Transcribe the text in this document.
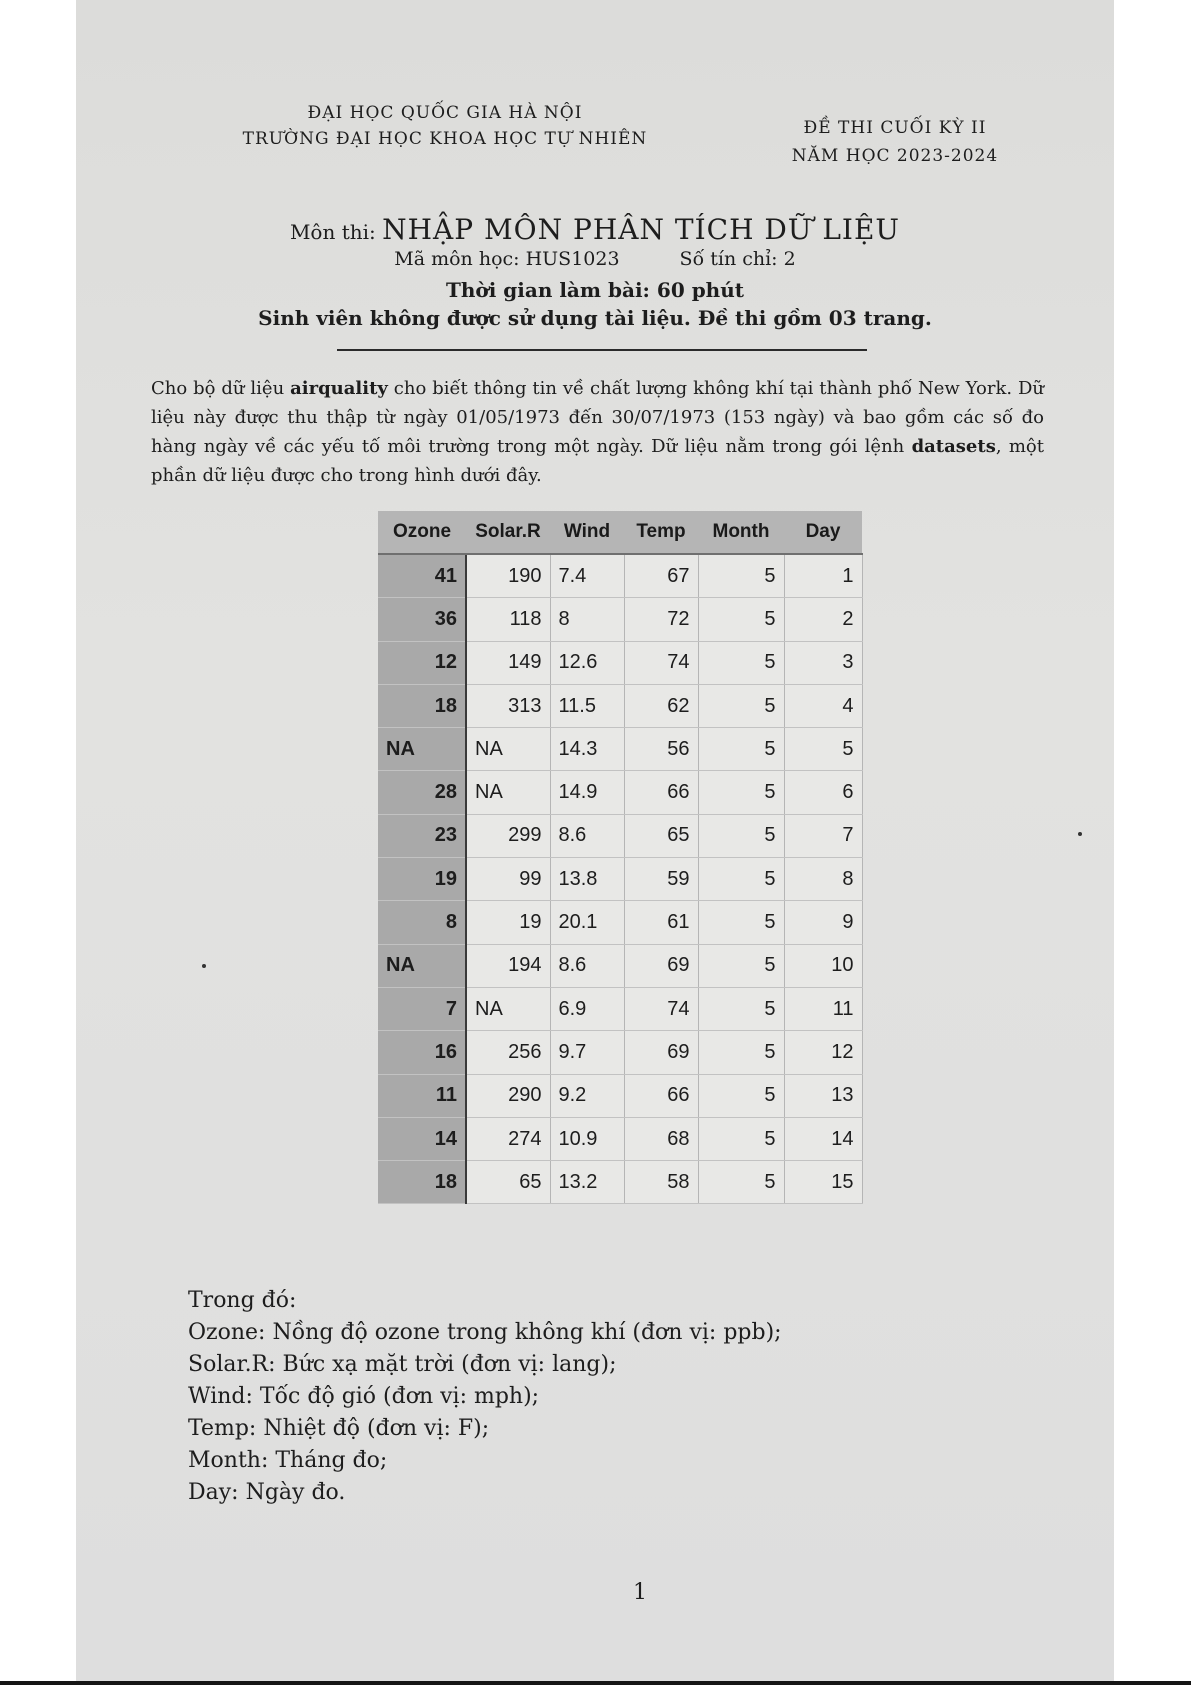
ĐẠI HỌC QUỐC GIA HÀ NỘI
TRƯỜNG ĐẠI HỌC KHOA HỌC TỰ NHIÊN
ĐỀ THI CUỐI KỲ II
NĂM HỌC 2023-2024
Môn thi: NHẬP MÔN PHÂN TÍCH DỮ LIỆU
Mã môn học: HUS1023	Số tín chỉ: 2
Thời gian làm bài: 60 phút
Sinh viên không được sử dụng tài liệu. Đề thi gồm 03 trang.
Cho bộ dữ liệu airquality cho biết thông tin về chất lượng không khí tại thành phố New York. Dữ liệu này được thu thập từ ngày 01/05/1973 đến 30/07/1973 (153 ngày) và bao gồm các số đo hàng ngày về các yếu tố môi trường trong một ngày. Dữ liệu nằm trong gói lệnh datasets, một phần dữ liệu được cho trong hình dưới đây.
Ozone	Solar.R	Wind	Temp	Month	Day
41	190	7.4	67	5	1
36	118	8	72	5	2
12	149	12.6	74	5	3
18	313	11.5	62	5	4
NA	NA	14.3	56	5	5
28	NA	14.9	66	5	6
23	299	8.6	65	5	7
19	99	13.8	59	5	8
8	19	20.1	61	5	9
NA	194	8.6	69	5	10
7	NA	6.9	74	5	11
16	256	9.7	69	5	12
11	290	9.2	66	5	13
14	274	10.9	68	5	14
18	65	13.2	58	5	15
Trong đó:
Ozone: Nồng độ ozone trong không khí (đơn vị: ppb);
Solar.R: Bức xạ mặt trời (đơn vị: lang);
Wind: Tốc độ gió (đơn vị: mph);
Temp: Nhiệt độ (đơn vị: F);
Month: Tháng đo;
Day: Ngày đo.
1
